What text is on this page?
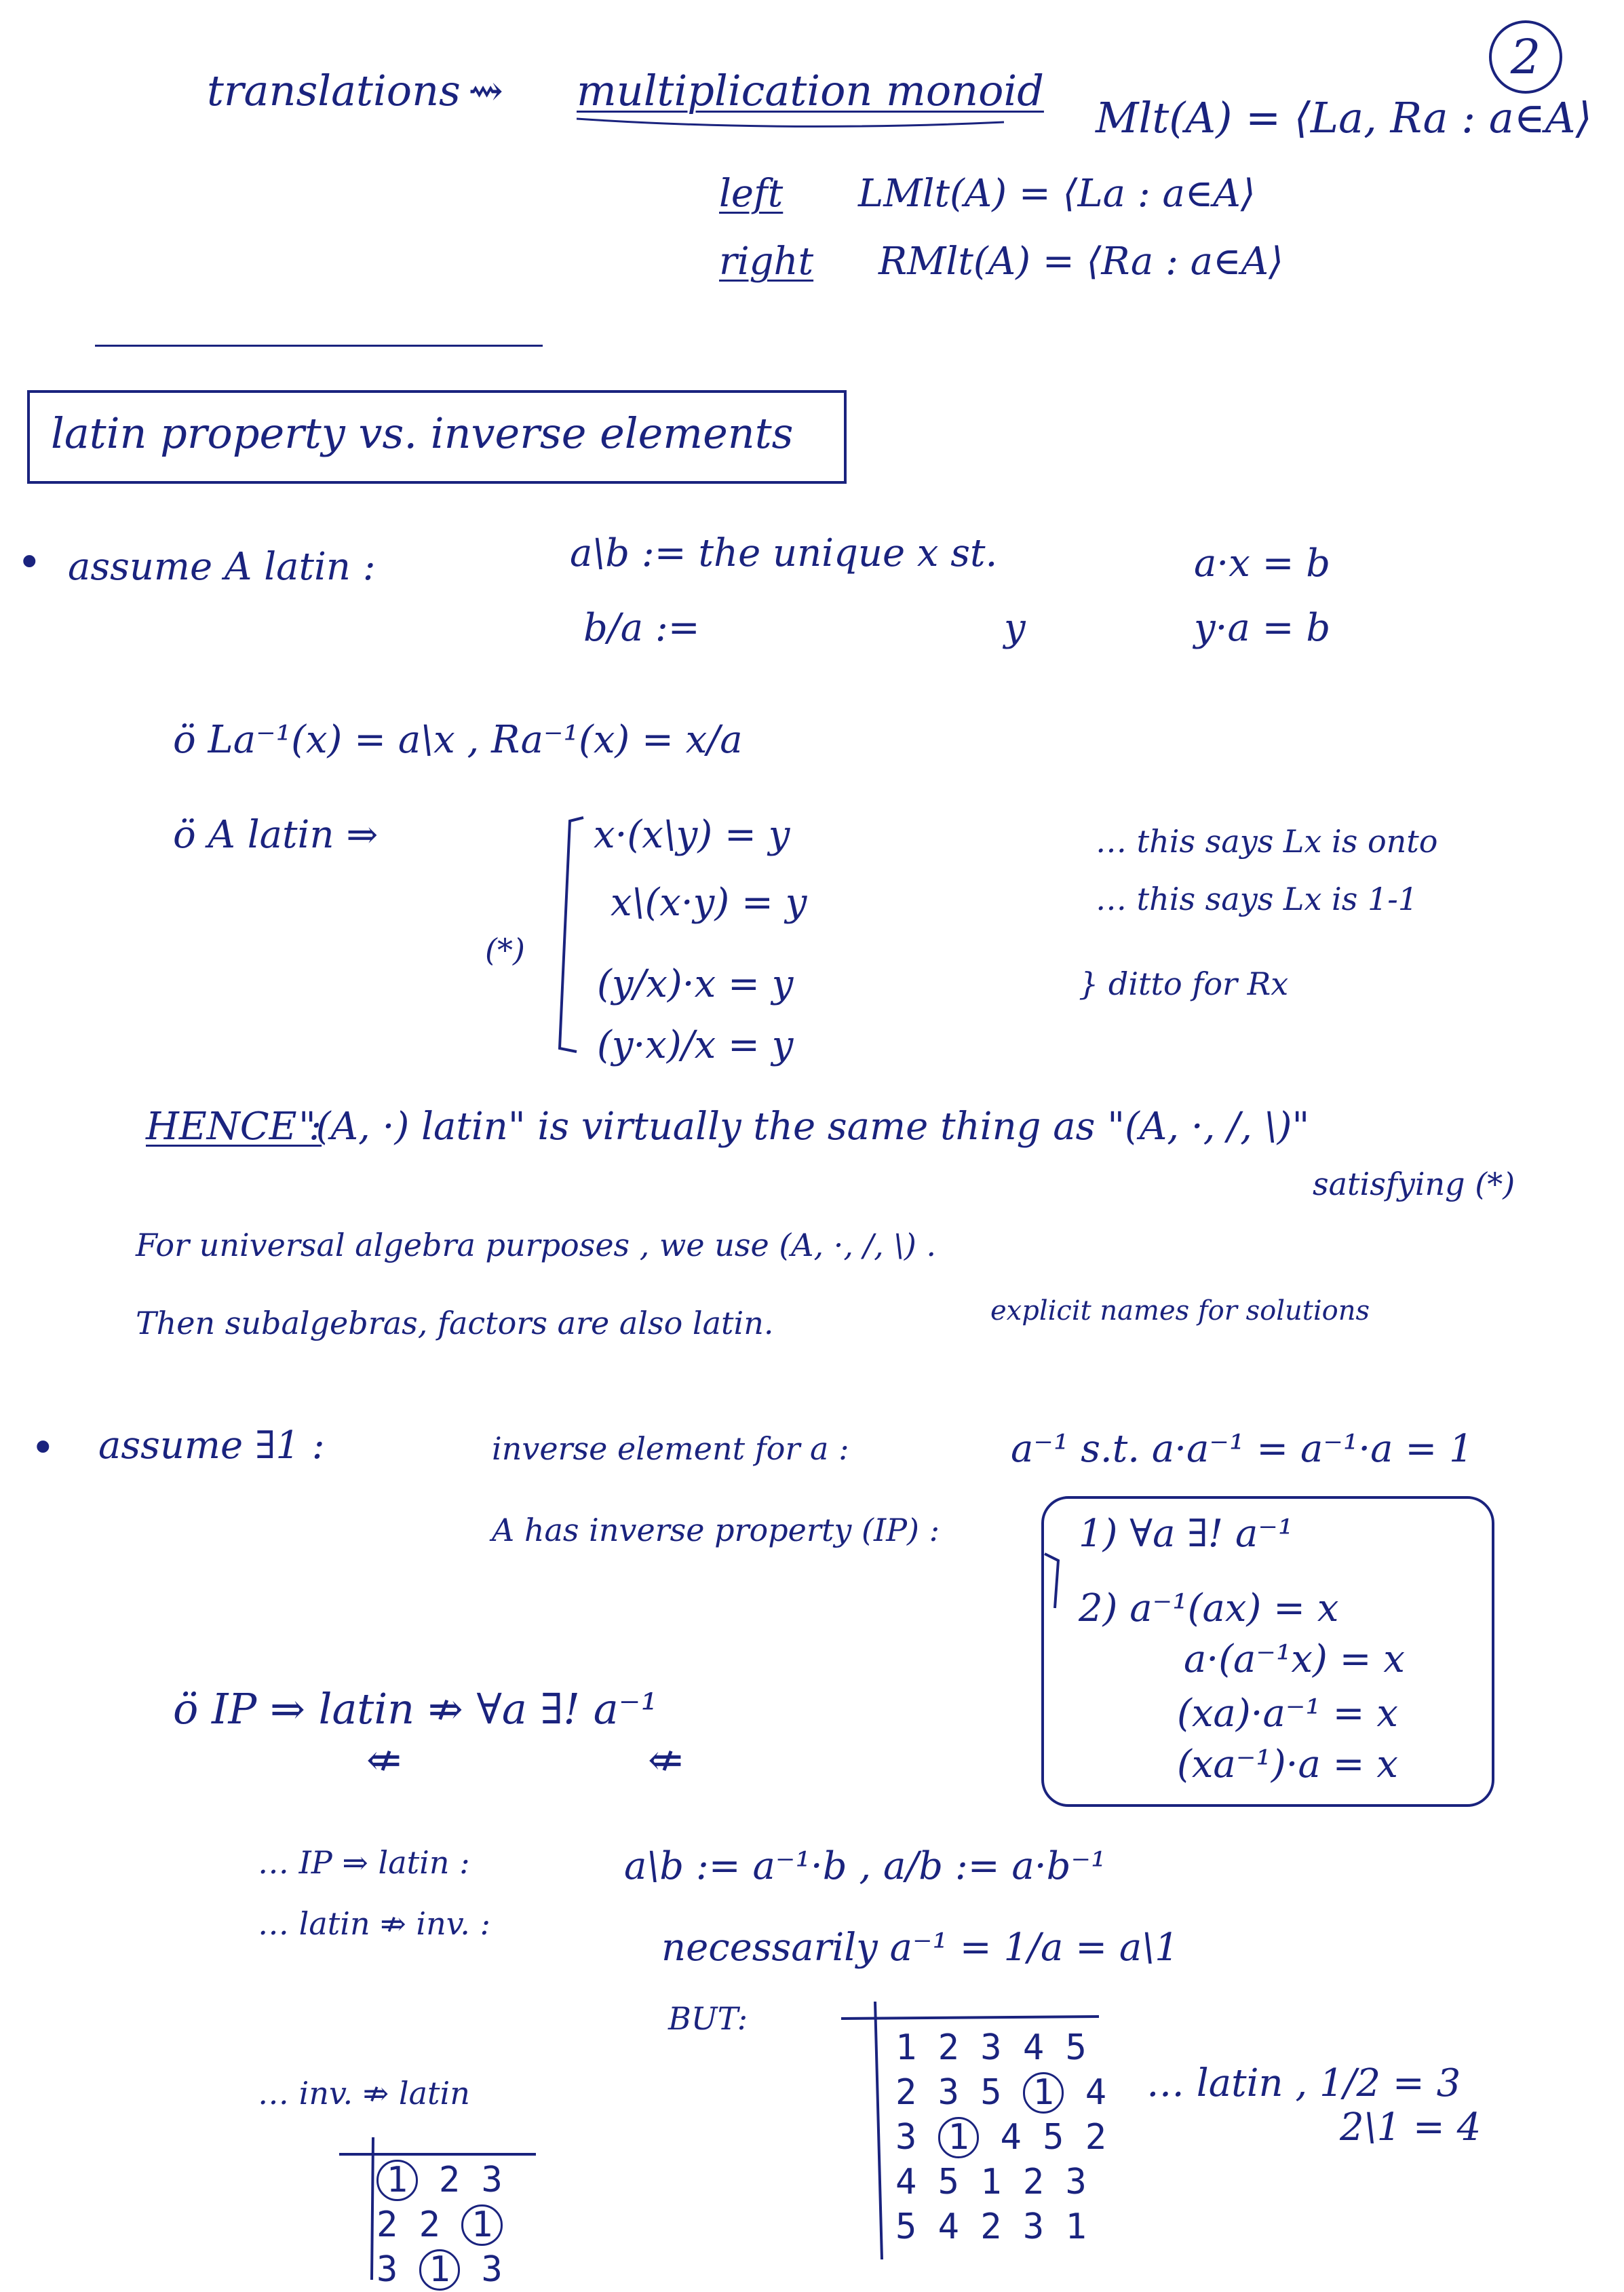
2
translations ⇝ multiplication monoid
Mlt(A) = ⟨La, Ra : a∈A⟩
left LMlt(A) = ⟨La : a∈A⟩
right RMlt(A) = ⟨Ra : a∈A⟩
latin property vs. inverse elements
• assume A latin :	a\b := the unique x st.	a·x = b
b/a :=	y	y·a = b
ö La⁻¹(x) = a\x , Ra⁻¹(x) = x/a
ö A latin ⇒
(*)
x·(x\y) = y
x\(x·y) = y
(y/x)·x = y
(y·x)/x = y
… this says Lx is onto
… this says Lx is 1-1
} ditto for Rx
HENCE :
"(A, ·) latin" is virtually the same thing as "(A, ·, /, \)"
satisfying (*)
For universal algebra purposes , we use (A, ·, /, \) .
explicit names for solutions
Then subalgebras, factors are also latin.
• assume ∃1 :	inverse element for a :	a⁻¹ s.t. a·a⁻¹ = a⁻¹·a = 1
A has inverse property (IP) :	1) ∀a ∃! a⁻¹
2) a⁻¹(ax) = x
a·(a⁻¹x) = x
(xa)·a⁻¹ = x
(xa⁻¹)·a = x
ö IP ⇒ latin ⇏ ∀a ∃! a⁻¹
⇍	⇍
… IP ⇒ latin :	a\b := a⁻¹·b , a/b := a·b⁻¹
… latin ⇏ inv. :
necessarily a⁻¹ = 1/a = a\1
BUT:
… inv. ⇏ latin	… latin , 1/2 = 3
2\1 = 4
1 2 3
2 2 1
3 1 3
1 2 3 4 5
2 3 5 1 4
3 1 4 5 2
4 5 1 2 3
5 4 2 3 1
